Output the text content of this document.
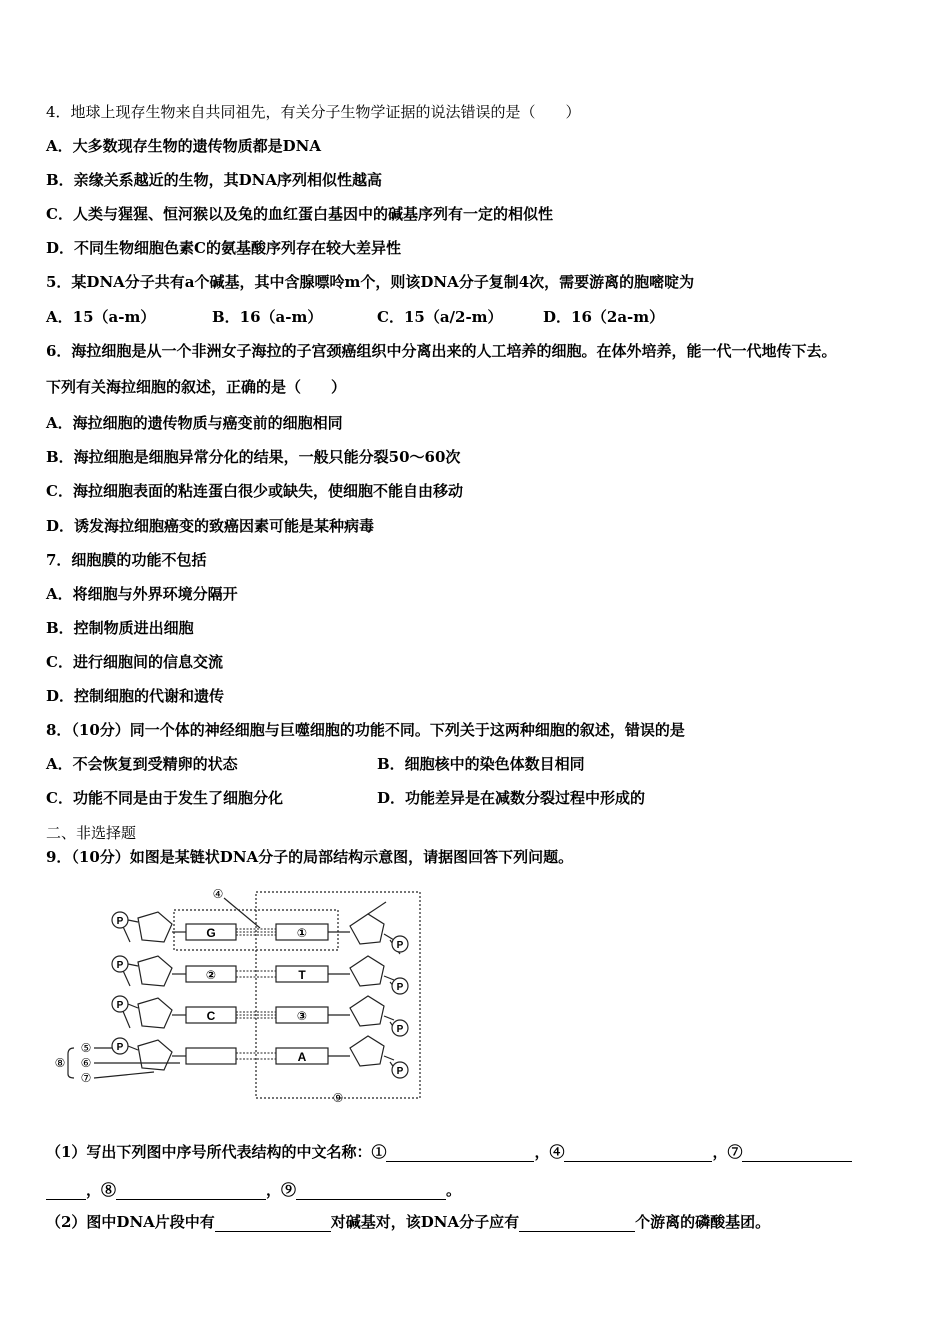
4．地球上现存生物来自共同祖先，有关分子生物学证据的说法错误的是（　　）
A．大多数现存生物的遗传物质都是DNA
B．亲缘关系越近的生物，其DNA序列相似性越高
C．人类与猩猩、恒河猴以及兔的血红蛋白基因中的碱基序列有一定的相似性
D．不同生物细胞色素C的氨基酸序列存在较大差异性
5．某DNA分子共有a个碱基，其中含腺嘌呤m个，则该DNA分子复制4次，需要游离的胞嘧啶为
A．15（a-m）	B．16（a-m）	C．15（a/2-m）	D．16（2a-m）
6．海拉细胞是从一个非洲女子海拉的子宫颈癌组织中分离出来的人工培养的细胞。在体外培养，能一代一代地传下去。
下列有关海拉细胞的叙述，正确的是（　　）
A．海拉细胞的遗传物质与癌变前的细胞相同
B．海拉细胞是细胞异常分化的结果，一般只能分裂50～60次
C．海拉细胞表面的粘连蛋白很少或缺失，使细胞不能自由移动
D．诱发海拉细胞癌变的致癌因素可能是某种病毒
7．细胞膜的功能不包括
A．将细胞与外界环境分隔开
B．控制物质进出细胞
C．进行细胞间的信息交流
D．控制细胞的代谢和遗传
8．（10分）同一个体的神经细胞与巨噬细胞的功能不同。下列关于这两种细胞的叙述，错误的是
A．不会恢复到受精卵的状态	B．细胞核中的染色体数目相同
C．功能不同是由于发生了细胞分化	D．功能差异是在减数分裂过程中形成的
二、非选择题
9．（10分）如图是某链状DNA分子的局部结构示意图，请据图回答下列问题。
P
P
P
P
P
P
P
P
G
②
C
①
T
③
A
④
⑤
⑥
⑦
⑧
⑨
（1）写出下列图中序号所代表结构的中文名称：①	，④	，⑦
，⑧	，⑨	。
（2）图中DNA片段中有	对碱基对，该DNA分子应有	个游离的磷酸基团。
